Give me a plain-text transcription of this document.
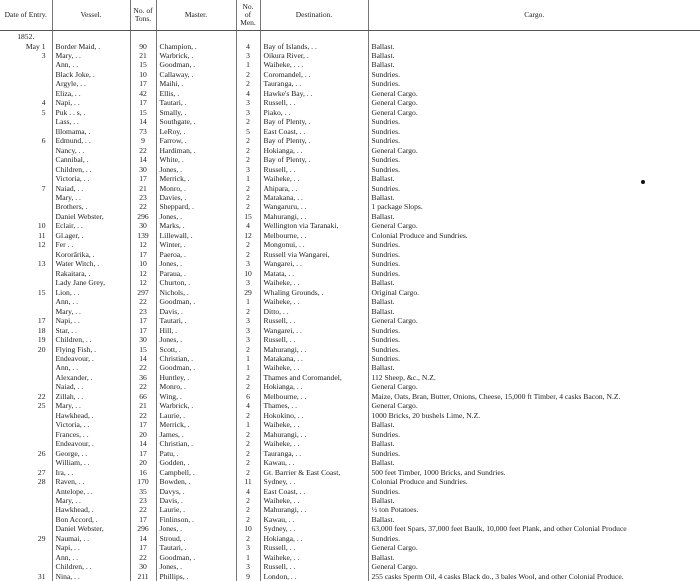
Date of Entry.	Vessel.	No. of Tons.	Master.	No. of Men.	Destination.	Cargo.
1852.						
May 1	Border Maid, .	90	Champion, .	4	Bay of Islands, . .	Ballast.
3	Mary, . .	21	Warbrick, .	3	Oikura River, .	Ballast.
	Ann, . .	15	Goodman, .	1	Waiheke, . . .	Ballast.
	Black Joke, .	10	Callaway, .	2	Coromandel, . .	Sundries.
	Argyle, . .	17	Maihi, .	2	Tauranga, . .	Sundries.
	Eliza, . .	42	Ellis, .	4	Hawke's Bay, . .	General Cargo.
4	Napi, . .	17	Tautari, .	3	Russell, . .	General Cargo.
5	Puk . . s, .	15	Smally, .	3	Piako, . .	General Cargo.
	Lass, . .	14	Southgate, .	2	Bay of Plenty, .	Sundries.
	Illomama, .	73	LeRoy, .	5	East Coast, . .	Sundries.
6	Edmund, . .	9	Farrow, .	2	Bay of Plenty, .	Sundries.
	Nancy, . .	22	Hardiman, .	2	Hokianga, . .	General Cargo.
	Cannibal, .	14	White, .	2	Bay of Plenty, .	Sundries.
	Children, . .	30	Jones, .	3	Russell, . .	Sundries.
	Victoria, . .	17	Merrick, .	1	Waiheke, . .	Ballast.
7	Naiad, . .	21	Monro, .	2	Ahipara, . .	Sundries.
	Mary, . .	23	Davies, .	2	Matakana, . .	Ballast.
	Brothers, .	22	Sheppard, .	2	Wangaruru, . .	1 package Slops.
	Daniel Webster,	296	Jones, .	15	Mahurangi, . .	Ballast.
10	Eclair, . .	30	Marks, .	4	Wellington via Taranaki,	General Cargo.
11	Gl.ager, .	139	Lillewall, .	12	Melbourne, . .	Colonial Produce and Sundries.
12	Fer . .	12	Winter, .	2	Mongonui, . .	Sundries.
	Kororārika, .	17	Paeroa, .	2	Russell via Wangarei,	Sundries.
13	Water Witch, .	10	Jones, .	3	Wangarei, . .	Sundries.
	Rakaitara, .	12	Paraua, .	10	Matata, . .	Sundries.
	Lady Jane Grey,	12	Churton, .	3	Waiheke, . .	Ballast.
15	Lion, . .	297	Nichols, .	29	Whaling Grounds, .	Original Cargo.
	Ann, . .	22	Goodman, .	1	Waiheke, . .	Ballast.
	Mary, . .	23	Davis, .	2	Ditto, . .	Ballast.
17	Napi, . .	17	Tautari, .	3	Russell, . .	General Cargo.
18	Star, . .	17	Hill, .	3	Wangarei, . .	Sundries.
19	Children, . .	30	Jones, .	3	Russell, . .	Sundries.
20	Flying Fish, .	15	Scott, .	2	Mahurangi, . .	Sundries.
	Endeavour, .	14	Christian, .	1	Matakana, . .	Sundries.
	Ann, . .	22	Goodman, .	1	Waiheke, . .	Ballast.
	Alexander, .	36	Huntley, .	2	Thames and Coromandel,	112 Sheep, &c., N.Z.
	Naiad, . .	22	Monro, .	2	Hokianga, . .	General Cargo.
22	Zillah, . .	66	Wing, .	6	Melbourne, . .	Maize, Oats, Bran, Butter, Onions, Cheese, 15,000 ft Timber, 4 casks Bacon, N.Z.
25	Mary, . .	21	Warbrick, .	4	Thames, . .	General Cargo.
	Hawkhead, .	22	Laurie, .	2	Hokokino, . .	1000 Bricks, 20 bushels Lime, N.Z.
	Victoria, . .	17	Merrick, .	1	Waiheke, . .	Ballast.
	Frances, . .	20	James, .	2	Mahurangi, . .	Sundries.
	Endeavour, .	14	Christian, .	2	Waiheke, . .	Ballast.
26	George, . .	17	Patu, .	2	Tauranga, . .	Sundries.
	William, . .	20	Godden, .	2	Kawau, . .	Ballast.
27	Ira, . .	16	Campbell, .	2	Gt. Barrier & East Coast,	500 feet Timber, 1000 Bricks, and Sundries.
28	Raven, . .	170	Bowden, .	11	Sydney, . .	Colonial Produce and Sundries.
	Antelope, . .	35	Davys, .	4	East Coast, . .	Sundries.
	Mary, . .	23	Davis, .	2	Waiheke, . .	Ballast.
	Hawkhead, .	22	Laurie, .	2	Mahurangi, . .	½ ton Potatoes.
	Bon Accord, .	17	Finlinson, .	2	Kawau, . .	Ballast.
	Daniel Webster,	296	Jones, .	10	Sydney, . .	63,000 feet Spars, 37,000 feet Baulk, 10,000 feet Plank, and other Colonial Produce
29	Naumai, . .	14	Stroud, .	2	Hokianga, . .	Sundries.
	Napi, . .	17	Tautari, .	3	Russell, . .	General Cargo.
	Ann, . .	22	Goodman, .	1	Waiheke, . .	Ballast.
	Children, . .	30	Jones, .	3	Russell, . .	General Cargo.
31	Nina, . .	211	Phillips, .	9	London, . .	255 casks Sperm Oil, 4 casks Black do., 3 bales Wool, and other Colonial Produce.
